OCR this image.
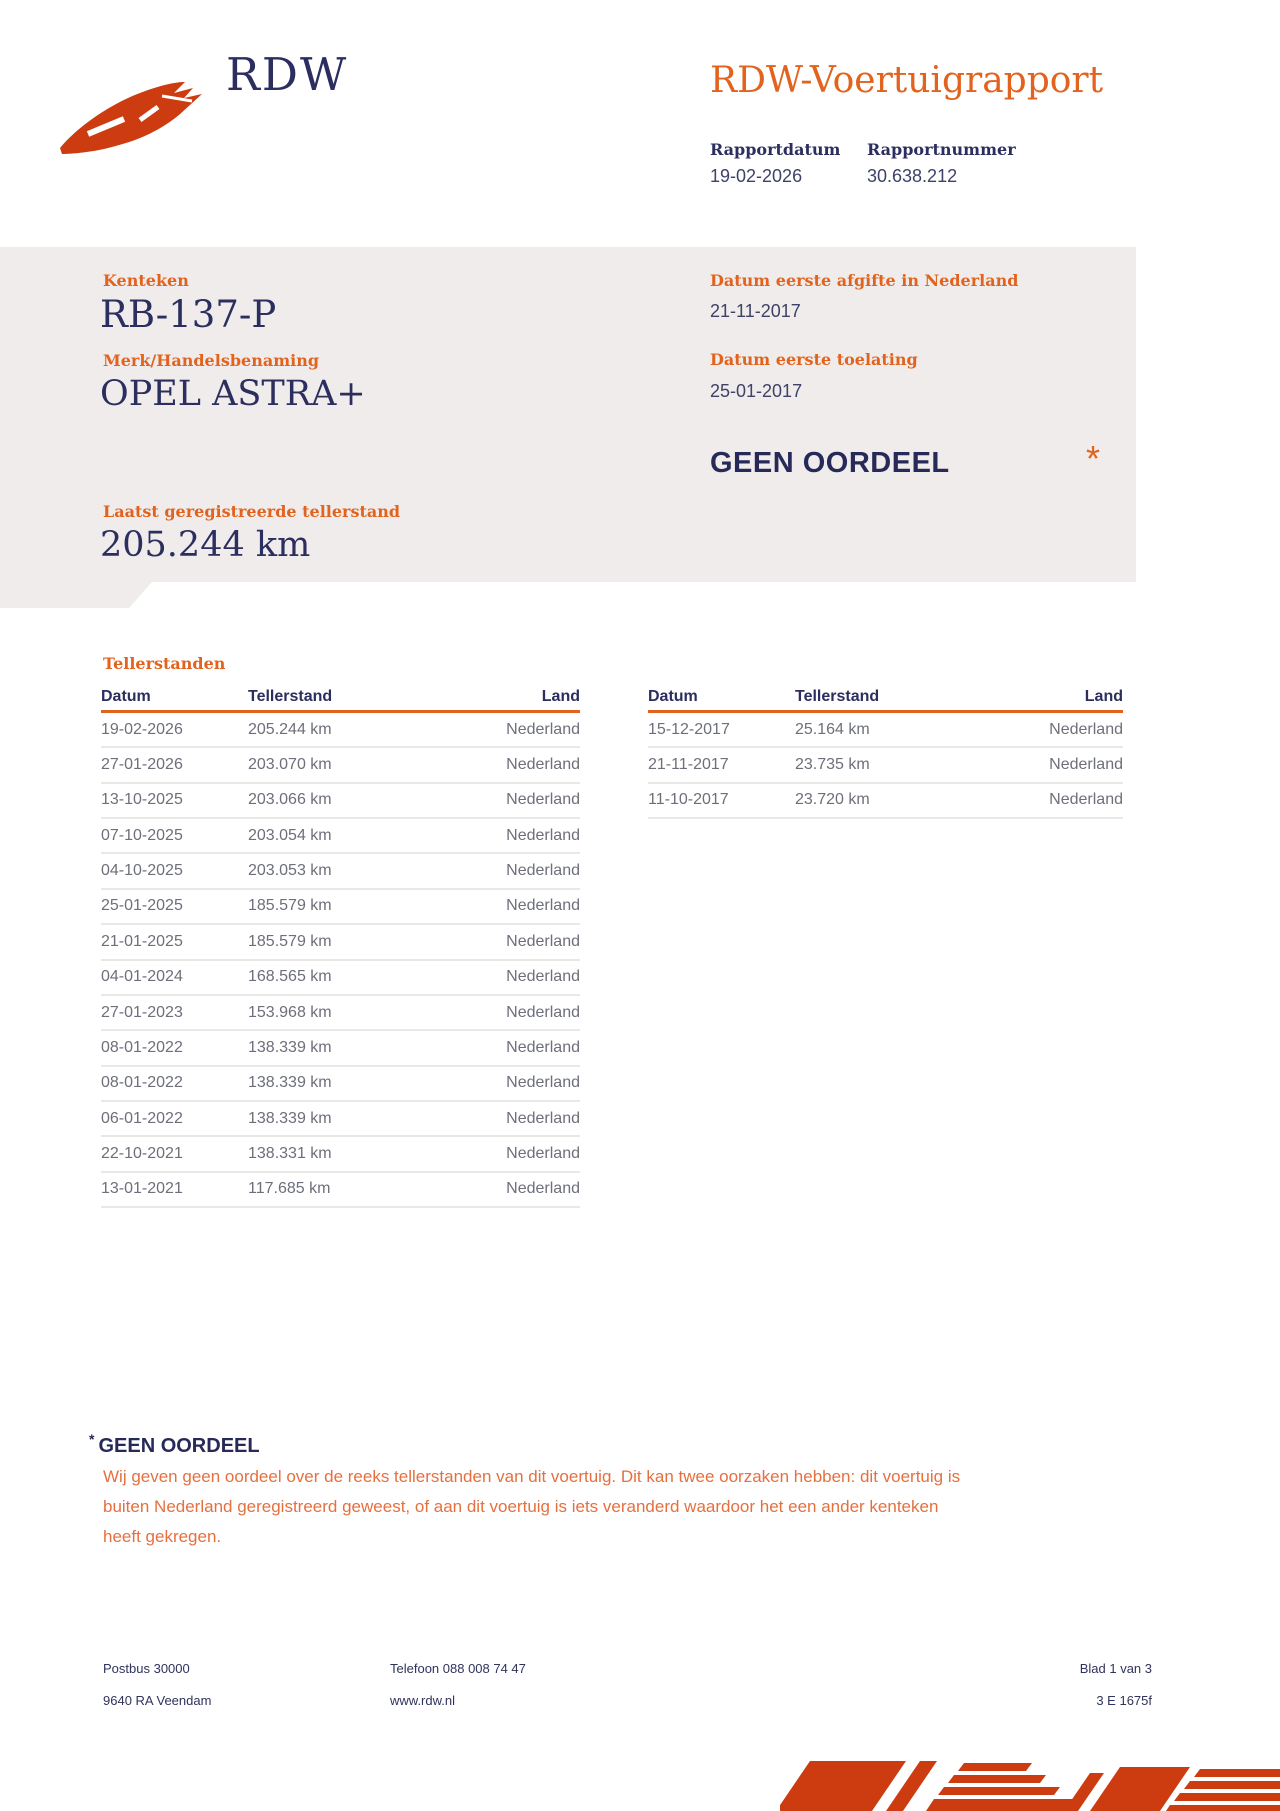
RDW	RDW-Voertuigrapport
Rapportdatum Rapportnummer
19-02-2026	30.638.212
Kenteken
RB-137-P
Merk/Handelsbenaming
OPEL ASTRA+
Datum eerste afgifte in Nederland
21-11-2017
Datum eerste toelating
25-01-2017
GEEN OORDEEL	*
Laatst geregistreerde tellerstand
205.244 km
Tellerstanden
Datum	Tellerstand	Land
19-02-2026	205.244 km	Nederland
27-01-2026	203.070 km	Nederland
13-10-2025	203.066 km	Nederland
07-10-2025	203.054 km	Nederland
04-10-2025	203.053 km	Nederland
25-01-2025	185.579 km	Nederland
21-01-2025	185.579 km	Nederland
04-01-2024	168.565 km	Nederland
27-01-2023	153.968 km	Nederland
08-01-2022	138.339 km	Nederland
08-01-2022	138.339 km	Nederland
06-01-2022	138.339 km	Nederland
22-10-2021	138.331 km	Nederland
13-01-2021	117.685 km	Nederland
Datum	Tellerstand	Land
15-12-2017	25.164 km	Nederland
21-11-2017	23.735 km	Nederland
11-10-2017	23.720 km	Nederland
* GEEN OORDEEL
Wij geven geen oordeel over de reeks tellerstanden van dit voertuig. Dit kan twee oorzaken hebben: dit voertuig is
buiten Nederland geregistreerd geweest, of aan dit voertuig is iets veranderd waardoor het een ander kenteken
heeft gekregen.
Postbus 30000
9640 RA Veendam
Telefoon 088 008 74 47
www.rdw.nl
Blad 1 van 3
3 E 1675f
